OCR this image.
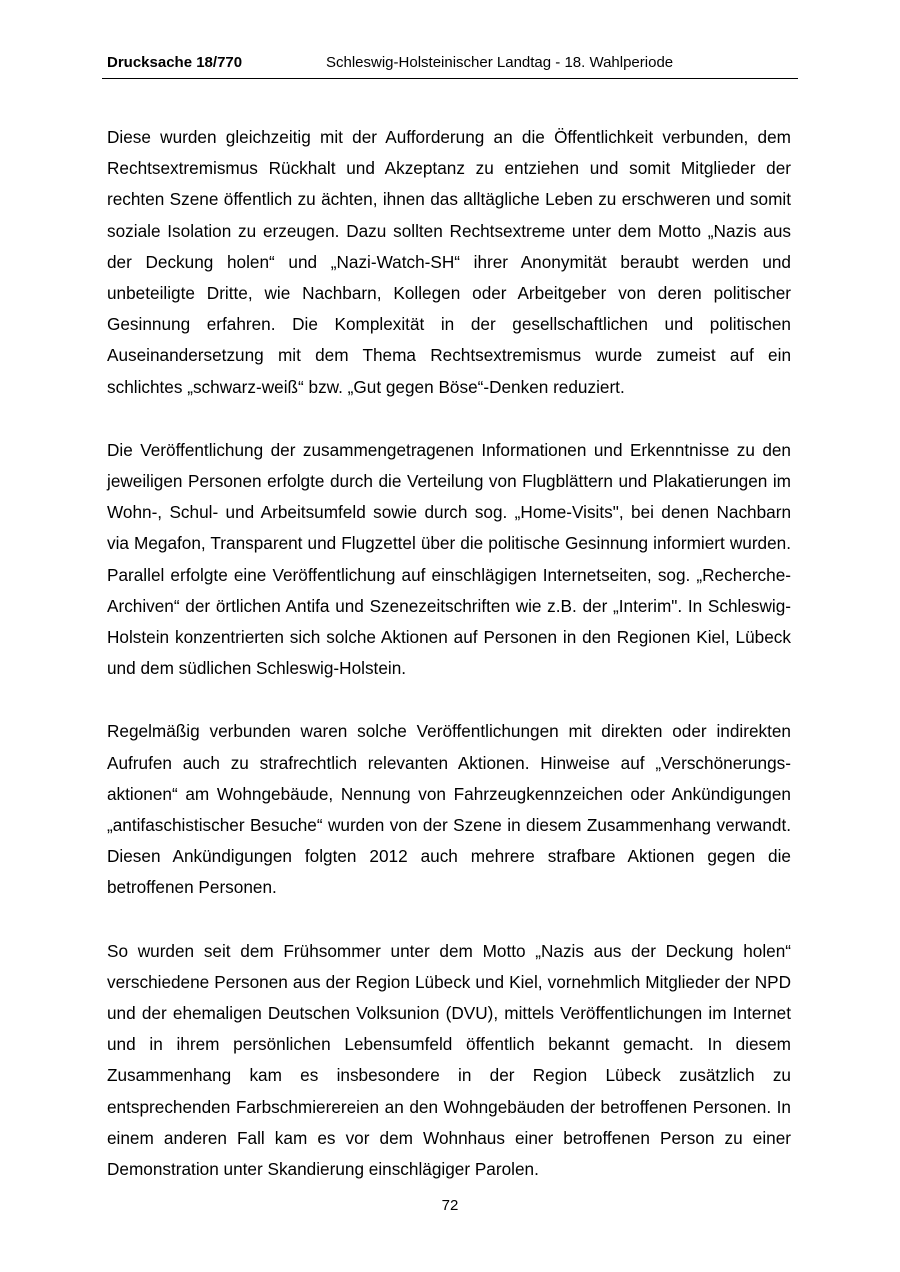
Drucksache 18/770	Schleswig-Holsteinischer Landtag - 18. Wahlperiode

Diese wurden gleichzeitig mit der Aufforderung an die Öffentlichkeit verbunden, dem Rechtsextremismus Rückhalt und Akzeptanz zu entziehen und somit Mitglieder der rechten Szene öffentlich zu ächten, ihnen das alltägliche Leben zu erschweren und somit soziale Isolation zu erzeugen. Dazu sollten Rechtsextreme unter dem Motto „Nazis aus der Deckung holen“ und „Nazi-Watch-SH“ ihrer Anonymität beraubt werden und unbeteiligte Dritte, wie Nachbarn, Kollegen oder Arbeitgeber von deren politischer Gesinnung erfahren. Die Komplexität in der gesellschaftlichen und politischen Auseinandersetzung mit dem Thema Rechtsextremismus wurde zumeist auf ein schlichtes „schwarz-weiß“ bzw. „Gut gegen Böse“-Denken reduziert.

Die Veröffentlichung der zusammengetragenen Informationen und Erkenntnisse zu den jeweiligen Personen erfolgte durch die Verteilung von Flugblättern und Plakatierungen im Wohn-, Schul- und Arbeitsumfeld sowie durch sog. „Home-Visits", bei denen Nachbarn via Megafon, Transparent und Flugzettel über die politische Gesinnung informiert wurden. Parallel erfolgte eine Veröffentlichung auf einschlägigen Internetseiten, sog. „Recherche-Archiven“ der örtlichen Antifa und Szenezeitschriften wie z.B. der „Interim". In Schleswig-Holstein konzentrierten sich solche Aktionen auf Personen in den Regionen Kiel, Lübeck und dem südlichen Schleswig-Holstein.

Regelmäßig verbunden waren solche Veröffentlichungen mit direkten oder indirekten Aufrufen auch zu strafrechtlich relevanten Aktionen. Hinweise auf „Verschönerungsaktionen“ am Wohngebäude, Nennung von Fahrzeugkennzeichen oder Ankündigungen „antifaschistischer Besuche“ wurden von der Szene in diesem Zusammenhang verwandt. Diesen Ankündigungen folgten 2012 auch mehrere strafbare Aktionen gegen die betroffenen Personen.

So wurden seit dem Frühsommer unter dem Motto „Nazis aus der Deckung holen“ verschiedene Personen aus der Region Lübeck und Kiel, vornehmlich Mitglieder der NPD und der ehemaligen Deutschen Volksunion (DVU), mittels Veröffentlichungen im Internet und in ihrem persönlichen Lebensumfeld öffentlich bekannt gemacht. In diesem Zusammenhang kam es insbesondere in der Region Lübeck zusätzlich zu entsprechenden Farbschmierereien an den Wohngebäuden der betroffenen Personen. In einem anderen Fall kam es vor dem Wohnhaus einer betroffenen Person zu einer Demonstration unter Skandierung einschlägiger Parolen.

72
